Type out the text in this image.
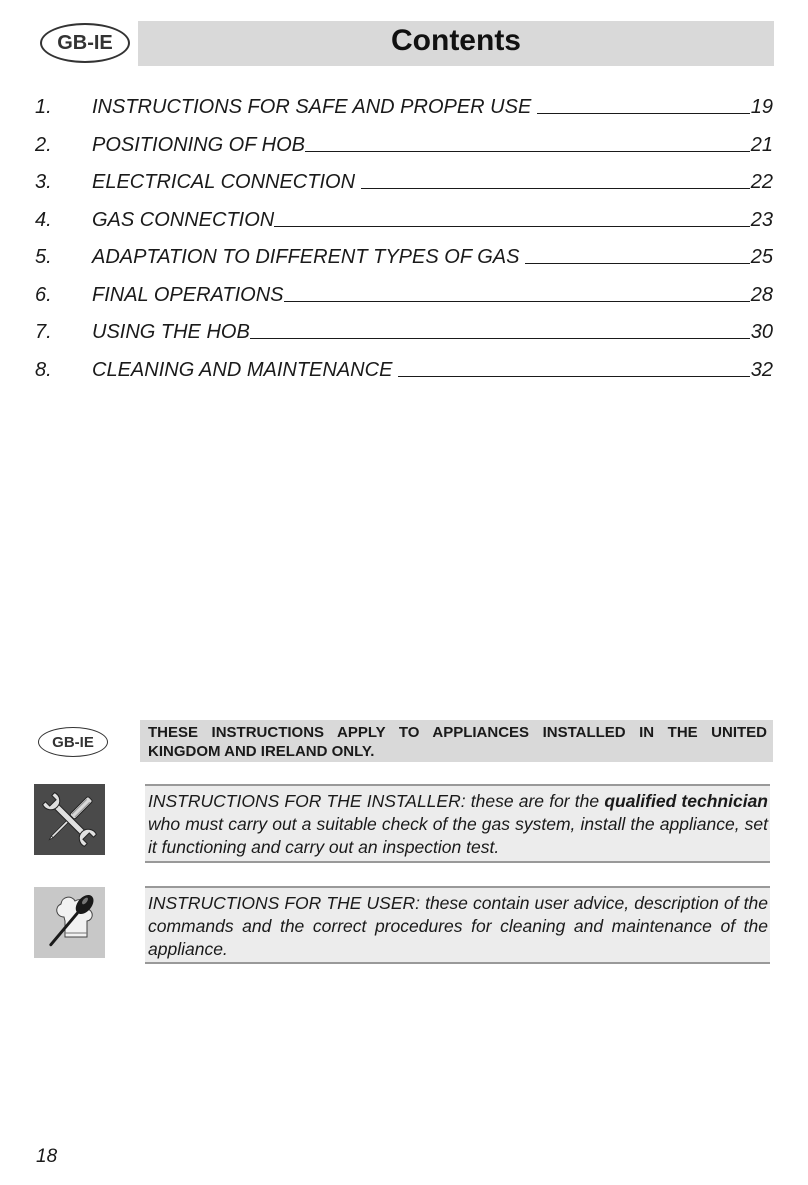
GB-IE	Contents
1.	INSTRUCTIONS FOR SAFE AND PROPER USE	19
2.	POSITIONING OF HOB	21
3.	ELECTRICAL CONNECTION	22
4.	GAS CONNECTION	23
5.	ADAPTATION TO DIFFERENT TYPES OF GAS	25
6.	FINAL OPERATIONS	28
7.	USING THE HOB	30
8.	CLEANING AND MAINTENANCE	32
GB-IE
THESE INSTRUCTIONS APPLY TO APPLIANCES INSTALLED IN THE UNITED KINGDOM AND IRELAND ONLY.
INSTRUCTIONS FOR THE INSTALLER: these are for the qualified technician who must carry out a suitable check of the gas system, install the appliance, set it functioning and carry out an inspection test.
INSTRUCTIONS FOR THE USER: these contain user advice, description of the commands and the correct procedures for cleaning and maintenance of the appliance.
18
